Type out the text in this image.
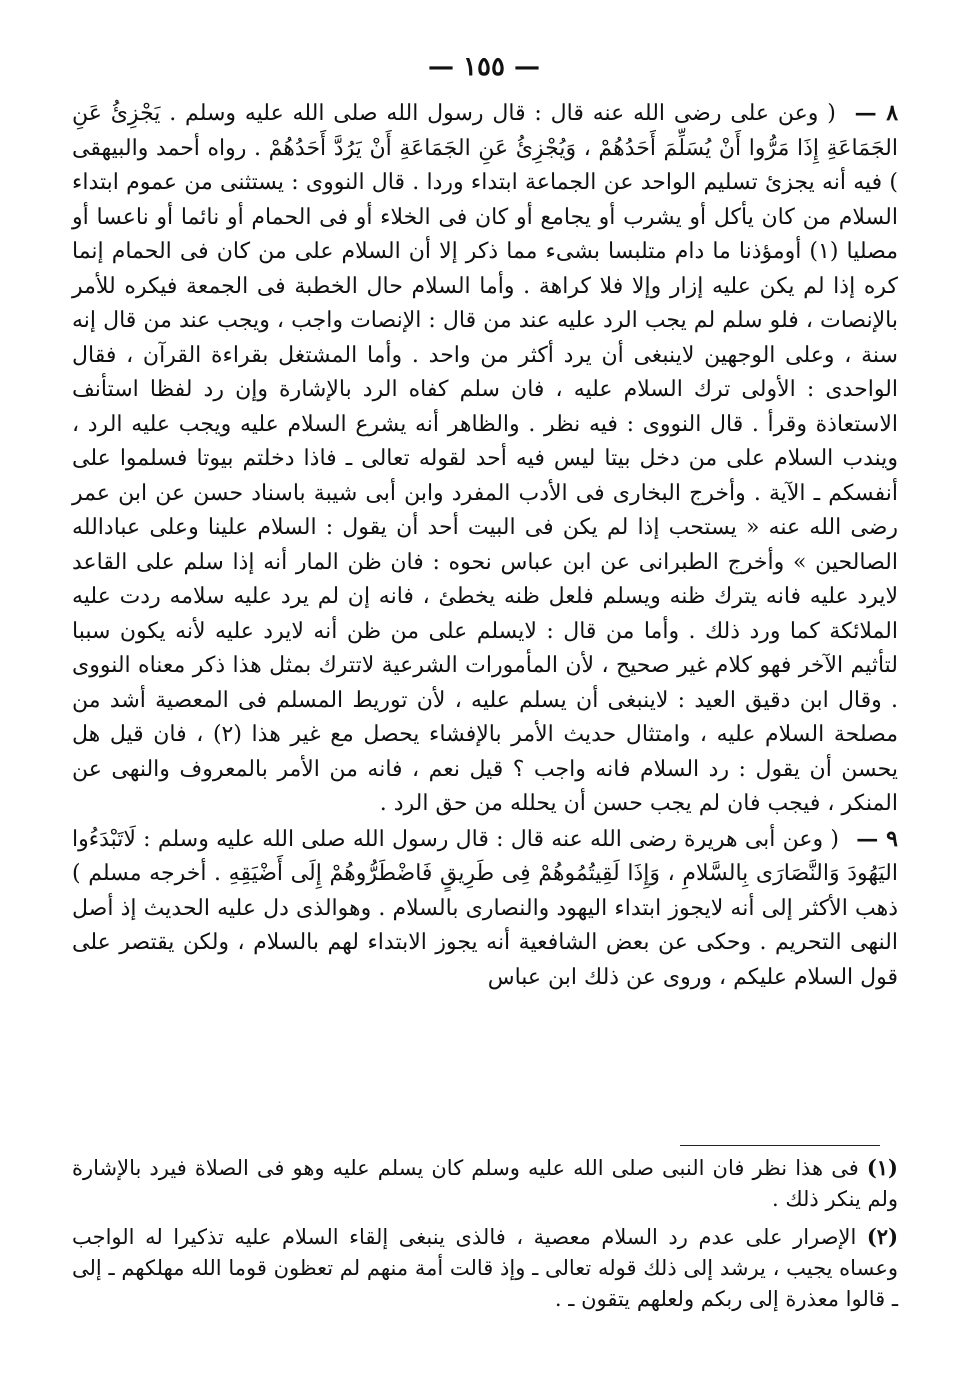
— ١٥٥ —

٨ — ( وعن على رضى الله عنه قال : قال رسول الله صلى الله عليه وسلم . يَجْزِئُ عَنِ الجَمَاعَةِ إِذَا مَرُّوا أَنْ يُسَلِّمَ أَحَدُهُمْ ، وَيُجْزِئُ عَنِ الجَمَاعَةِ أَنْ يَرُدَّ أَحَدُهُمْ . رواه أحمد والبيهقى ) فيه أنه يجزئ تسليم الواحد عن الجماعة ابتداء وردا . قال النووى : يستثنى من عموم ابتداء السلام من كان يأكل أو يشرب أو يجامع أو كان فى الخلاء أو فى الحمام أو نائما أو ناعسا أو مصليا (١) أومؤذنا ما دام متلبسا بشىء مما ذكر إلا أن السلام على من كان فى الحمام إنما كره إذا لم يكن عليه إزار وإلا فلا كراهة . وأما السلام حال الخطبة فى الجمعة فيكره للأمر بالإنصات ، فلو سلم لم يجب الرد عليه عند من قال : الإنصات واجب ، ويجب عند من قال إنه سنة ، وعلى الوجهين لاينبغى أن يرد أكثر من واحد . وأما المشتغل بقراءة القرآن ، فقال الواحدى : الأولى ترك السلام عليه ، فان سلم كفاه الرد بالإشارة وإن رد لفظا استأنف الاستعاذة وقرأ . قال النووى : فيه نظر . والظاهر أنه يشرع السلام عليه ويجب عليه الرد ، ويندب السلام على من دخل بيتا ليس فيه أحد لقوله تعالى ـ فاذا دخلتم بيوتا فسلموا على أنفسكم ـ الآية . وأخرج البخارى فى الأدب المفرد وابن أبى شيبة باسناد حسن عن ابن عمر رضى الله عنه « يستحب إذا لم يكن فى البيت أحد أن يقول : السلام علينا وعلى عبادالله الصالحين » وأخرج الطبرانى عن ابن عباس نحوه : فان ظن المار أنه إذا سلم على القاعد لايرد عليه فانه يترك ظنه ويسلم فلعل ظنه يخطئ ، فانه إن لم يرد عليه سلامه ردت عليه الملائكة كما ورد ذلك . وأما من قال : لايسلم على من ظن أنه لايرد عليه لأنه يكون سببا لتأثيم الآخر فهو كلام غير صحيح ، لأن المأمورات الشرعية لاتترك بمثل هذا ذكر معناه النووى . وقال ابن دقيق العيد : لاينبغى أن يسلم عليه ، لأن توريط المسلم فى المعصية أشد من مصلحة السلام عليه ، وامتثال حديث الأمر بالإفشاء يحصل مع غير هذا (٢) ، فان قيل هل يحسن أن يقول : رد السلام فانه واجب ؟ قيل نعم ، فانه من الأمر بالمعروف والنهى عن المنكر ، فيجب فان لم يجب حسن أن يحلله من حق الرد .

٩ — ( وعن أبى هريرة رضى الله عنه قال : قال رسول الله صلى الله عليه وسلم : لَاتَبْدَءُوا اليَهُودَ وَالنَّصَارَى بِالسَّلامِ ، وَإِذَا لَقِيتُمُوهُمْ فِى طَرِيقٍ فَاضْطَرُّوهُمْ إِلَى أَضْيَقِهِ . أخرجه مسلم ) ذهب الأكثر إلى أنه لايجوز ابتداء اليهود والنصارى بالسلام . وهوالذى دل عليه الحديث إذ أصل النهى التحريم . وحكى عن بعض الشافعية أنه يجوز الابتداء لهم بالسلام ، ولكن يقتصر على قول السلام عليكم ، وروى عن ذلك ابن عباس

(١) فى هذا نظر فان النبى صلى الله عليه وسلم كان يسلم عليه وهو فى الصلاة فيرد بالإشارة ولم ينكر ذلك .

(٢) الإصرار على عدم رد السلام معصية ، فالذى ينبغى إلقاء السلام عليه تذكيرا له الواجب وعساه يجيب ، يرشد إلى ذلك قوله تعالى ـ وإذ قالت أمة منهم لم تعظون قوما الله مهلكهم ـ إلى ـ قالوا معذرة إلى ربكم ولعلهم يتقون ـ .
